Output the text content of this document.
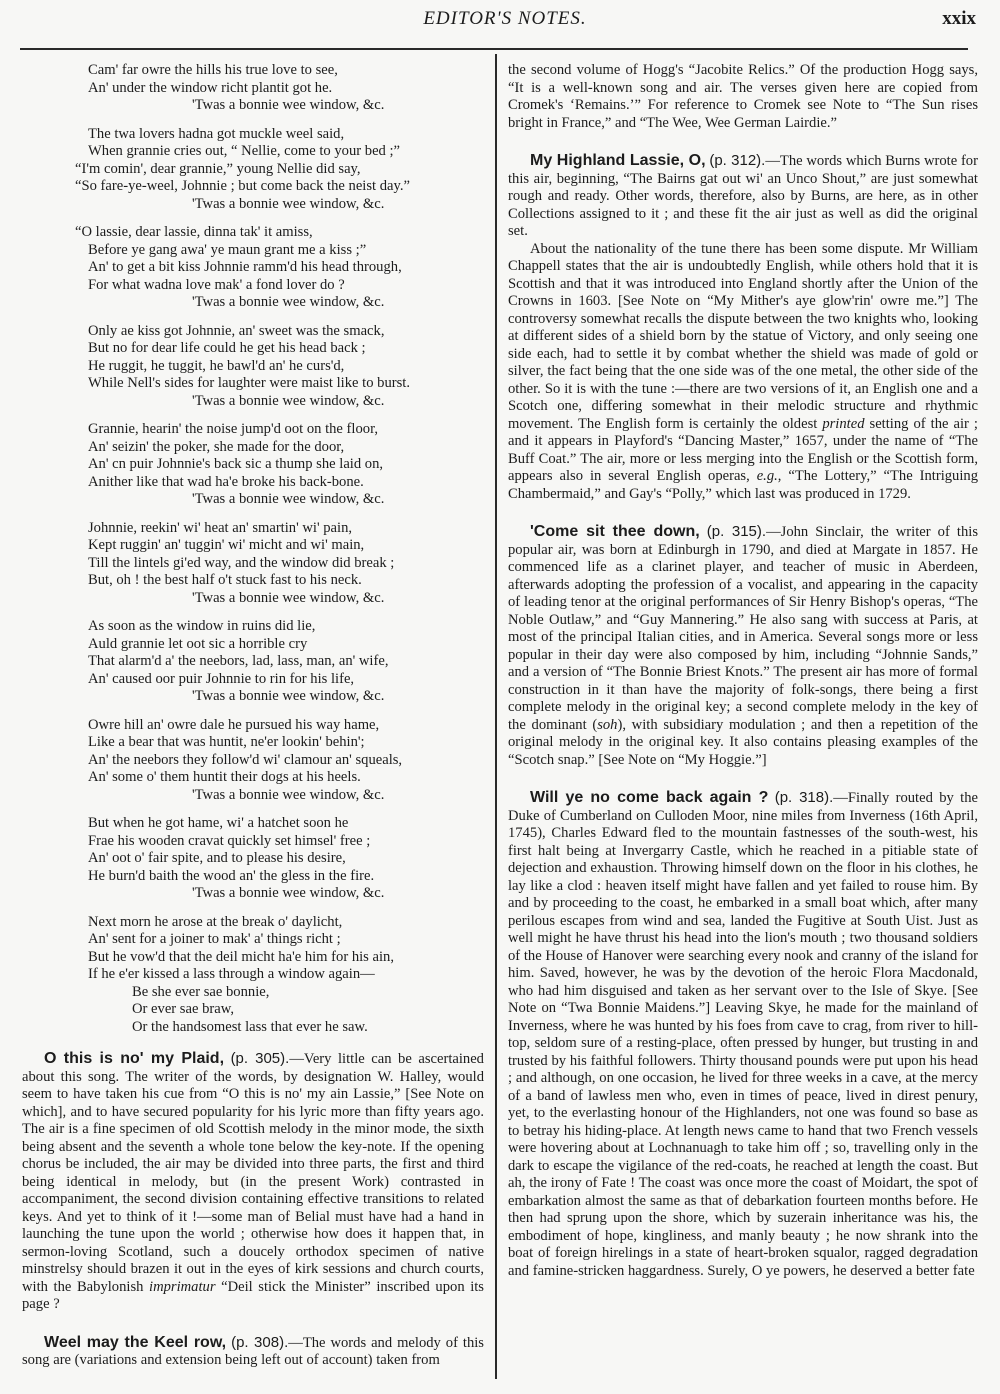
EDITOR'S NOTES.	xxix
Cam' far owre the hills his true love to see,
An' under the window richt plantit got he.
'Twas a bonnie wee window, &c.
The twa lovers hadna got muckle weel said,
When grannie cries out, “ Nellie, come to your bed ;”
“I'm comin', dear grannie,” young Nellie did say,
“So fare-ye-weel, Johnnie ; but come back the neist day.”
'Twas a bonnie wee window, &c.
“O lassie, dear lassie, dinna tak' it amiss,
Before ye gang awa' ye maun grant me a kiss ;”
An' to get a bit kiss Johnnie ramm'd his head through,
For what wadna love mak' a fond lover do ?
'Twas a bonnie wee window, &c.
Only ae kiss got Johnnie, an' sweet was the smack,
But no for dear life could he get his head back ;
He ruggit, he tuggit, he bawl'd an' he curs'd,
While Nell's sides for laughter were maist like to burst.
'Twas a bonnie wee window, &c.
Grannie, hearin' the noise jump'd oot on the floor,
An' seizin' the poker, she made for the door,
An' cn puir Johnnie's back sic a thump she laid on,
Anither like that wad ha'e broke his back-bone.
'Twas a bonnie wee window, &c.
Johnnie, reekin' wi' heat an' smartin' wi' pain,
Kept ruggin' an' tuggin' wi' micht and wi' main,
Till the lintels gi'ed way, and the window did break ;
But, oh ! the best half o't stuck fast to his neck.
'Twas a bonnie wee window, &c.
As soon as the window in ruins did lie,
Auld grannie let oot sic a horrible cry
That alarm'd a' the neebors, lad, lass, man, an' wife,
An' caused oor puir Johnnie to rin for his life,
'Twas a bonnie wee window, &c.
Owre hill an' owre dale he pursued his way hame,
Like a bear that was huntit, ne'er lookin' behin';
An' the neebors they follow'd wi' clamour an' squeals,
An' some o' them huntit their dogs at his heels.
'Twas a bonnie wee window, &c.
But when he got hame, wi' a hatchet soon he
Frae his wooden cravat quickly set himsel' free ;
An' oot o' fair spite, and to please his desire,
He burn'd baith the wood an' the gless in the fire.
'Twas a bonnie wee window, &c.
Next morn he arose at the break o' daylicht,
An' sent for a joiner to mak' a' things richt ;
But he vow'd that the deil micht ha'e him for his ain,
If he e'er kissed a lass through a window again—
Be she ever sae bonnie,
Or ever sae braw,
Or the handsomest lass that ever he saw.

O this is no' my Plaid, (p. 305).—Very little can be ascertained about this song. The writer of the words, by designation W. Halley, would seem to have taken his cue from “O this is no' my ain Lassie,” [See Note on which], and to have secured popularity for his lyric more than fifty years ago. The air is a fine specimen of old Scottish melody in the minor mode, the sixth being absent and the seventh a whole tone below the key-note. If the opening chorus be included, the air may be divided into three parts, the first and third being identical in melody, but (in the present Work) contrasted in accompaniment, the second division containing effective transitions to related keys. And yet to think of it !—some man of Belial must have had a hand in launching the tune upon the world ; otherwise how does it happen that, in sermon-loving Scotland, such a doucely orthodox specimen of native minstrelsy should brazen it out in the eyes of kirk sessions and church courts, with the Babylonish imprimatur “Deil stick the Minister” inscribed upon its page ?

Weel may the Keel row, (p. 308).—The words and melody of this song are (variations and extension being left out of account) taken from

the second volume of Hogg's “Jacobite Relics.” Of the production Hogg says, “It is a well-known song and air. The verses given here are copied from Cromek's ‘Remains.’” For reference to Cromek see Note to “The Sun rises bright in France,” and “The Wee, Wee German Lairdie.”

My Highland Lassie, O, (p. 312).—The words which Burns wrote for this air, beginning, “The Bairns gat out wi' an Unco Shout,” are just somewhat rough and ready. Other words, therefore, also by Burns, are here, as in other Collections assigned to it ; and these fit the air just as well as did the original set.

About the nationality of the tune there has been some dispute. Mr William Chappell states that the air is undoubtedly English, while others hold that it is Scottish and that it was introduced into England shortly after the Union of the Crowns in 1603. [See Note on “My Mither's aye glow'rin' owre me.”] The controversy somewhat recalls the dispute between the two knights who, looking at different sides of a shield born by the statue of Victory, and only seeing one side each, had to settle it by combat whether the shield was made of gold or silver, the fact being that the one side was of the one metal, the other side of the other. So it is with the tune :—there are two versions of it, an English one and a Scotch one, differing somewhat in their melodic structure and rhythmic movement. The English form is certainly the oldest printed setting of the air ; and it appears in Playford's “Dancing Master,” 1657, under the name of “The Buff Coat.” The air, more or less merging into the English or the Scottish form, appears also in several English operas, e.g., “The Lottery,” “The Intriguing Chambermaid,” and Gay's “Polly,” which last was produced in 1729.

'Come sit thee down, (p. 315).—John Sinclair, the writer of this popular air, was born at Edinburgh in 1790, and died at Margate in 1857. He commenced life as a clarinet player, and teacher of music in Aberdeen, afterwards adopting the profession of a vocalist, and appearing in the capacity of leading tenor at the original performances of Sir Henry Bishop's operas, “The Noble Outlaw,” and “Guy Mannering.” He also sang with success at Paris, at most of the principal Italian cities, and in America. Several songs more or less popular in their day were also composed by him, including “Johnnie Sands,” and a version of “The Bonnie Briest Knots.” The present air has more of formal construction in it than have the majority of folk-songs, there being a first complete melody in the original key; a second complete melody in the key of the dominant (soh), with subsidiary modulation ; and then a repetition of the original melody in the original key. It also contains pleasing examples of the “Scotch snap.” [See Note on “My Hoggie.”]

Will ye no come back again ? (p. 318).—Finally routed by the Duke of Cumberland on Culloden Moor, nine miles from Inverness (16th April, 1745), Charles Edward fled to the mountain fastnesses of the south-west, his first halt being at Invergarry Castle, which he reached in a pitiable state of dejection and exhaustion. Throwing himself down on the floor in his clothes, he lay like a clod : heaven itself might have fallen and yet failed to rouse him. By and by proceeding to the coast, he embarked in a small boat which, after many perilous escapes from wind and sea, landed the Fugitive at South Uist. Just as well might he have thrust his head into the lion's mouth ; two thousand soldiers of the House of Hanover were searching every nook and cranny of the island for him. Saved, however, he was by the devotion of the heroic Flora Macdonald, who had him disguised and taken as her servant over to the Isle of Skye. [See Note on “Twa Bonnie Maidens.”] Leaving Skye, he made for the mainland of Inverness, where he was hunted by his foes from cave to crag, from river to hill-top, seldom sure of a resting-place, often pressed by hunger, but trusting in and trusted by his faithful followers. Thirty thousand pounds were put upon his head ; and although, on one occasion, he lived for three weeks in a cave, at the mercy of a band of lawless men who, even in times of peace, lived in direst penury, yet, to the everlasting honour of the Highlanders, not one was found so base as to betray his hiding-place. At length news came to hand that two French vessels were hovering about at Lochnanuagh to take him off ; so, travelling only in the dark to escape the vigilance of the red-coats, he reached at length the coast. But ah, the irony of Fate ! The coast was once more the coast of Moidart, the spot of embarkation almost the same as that of debarkation fourteen months before. He then had sprung upon the shore, which by suzerain inheritance was his, the embodiment of hope, kingliness, and manly beauty ; he now shrank into the boat of foreign hirelings in a state of heart-broken squalor, ragged degradation and famine-stricken haggardness. Surely, O ye powers, he deserved a better fate
